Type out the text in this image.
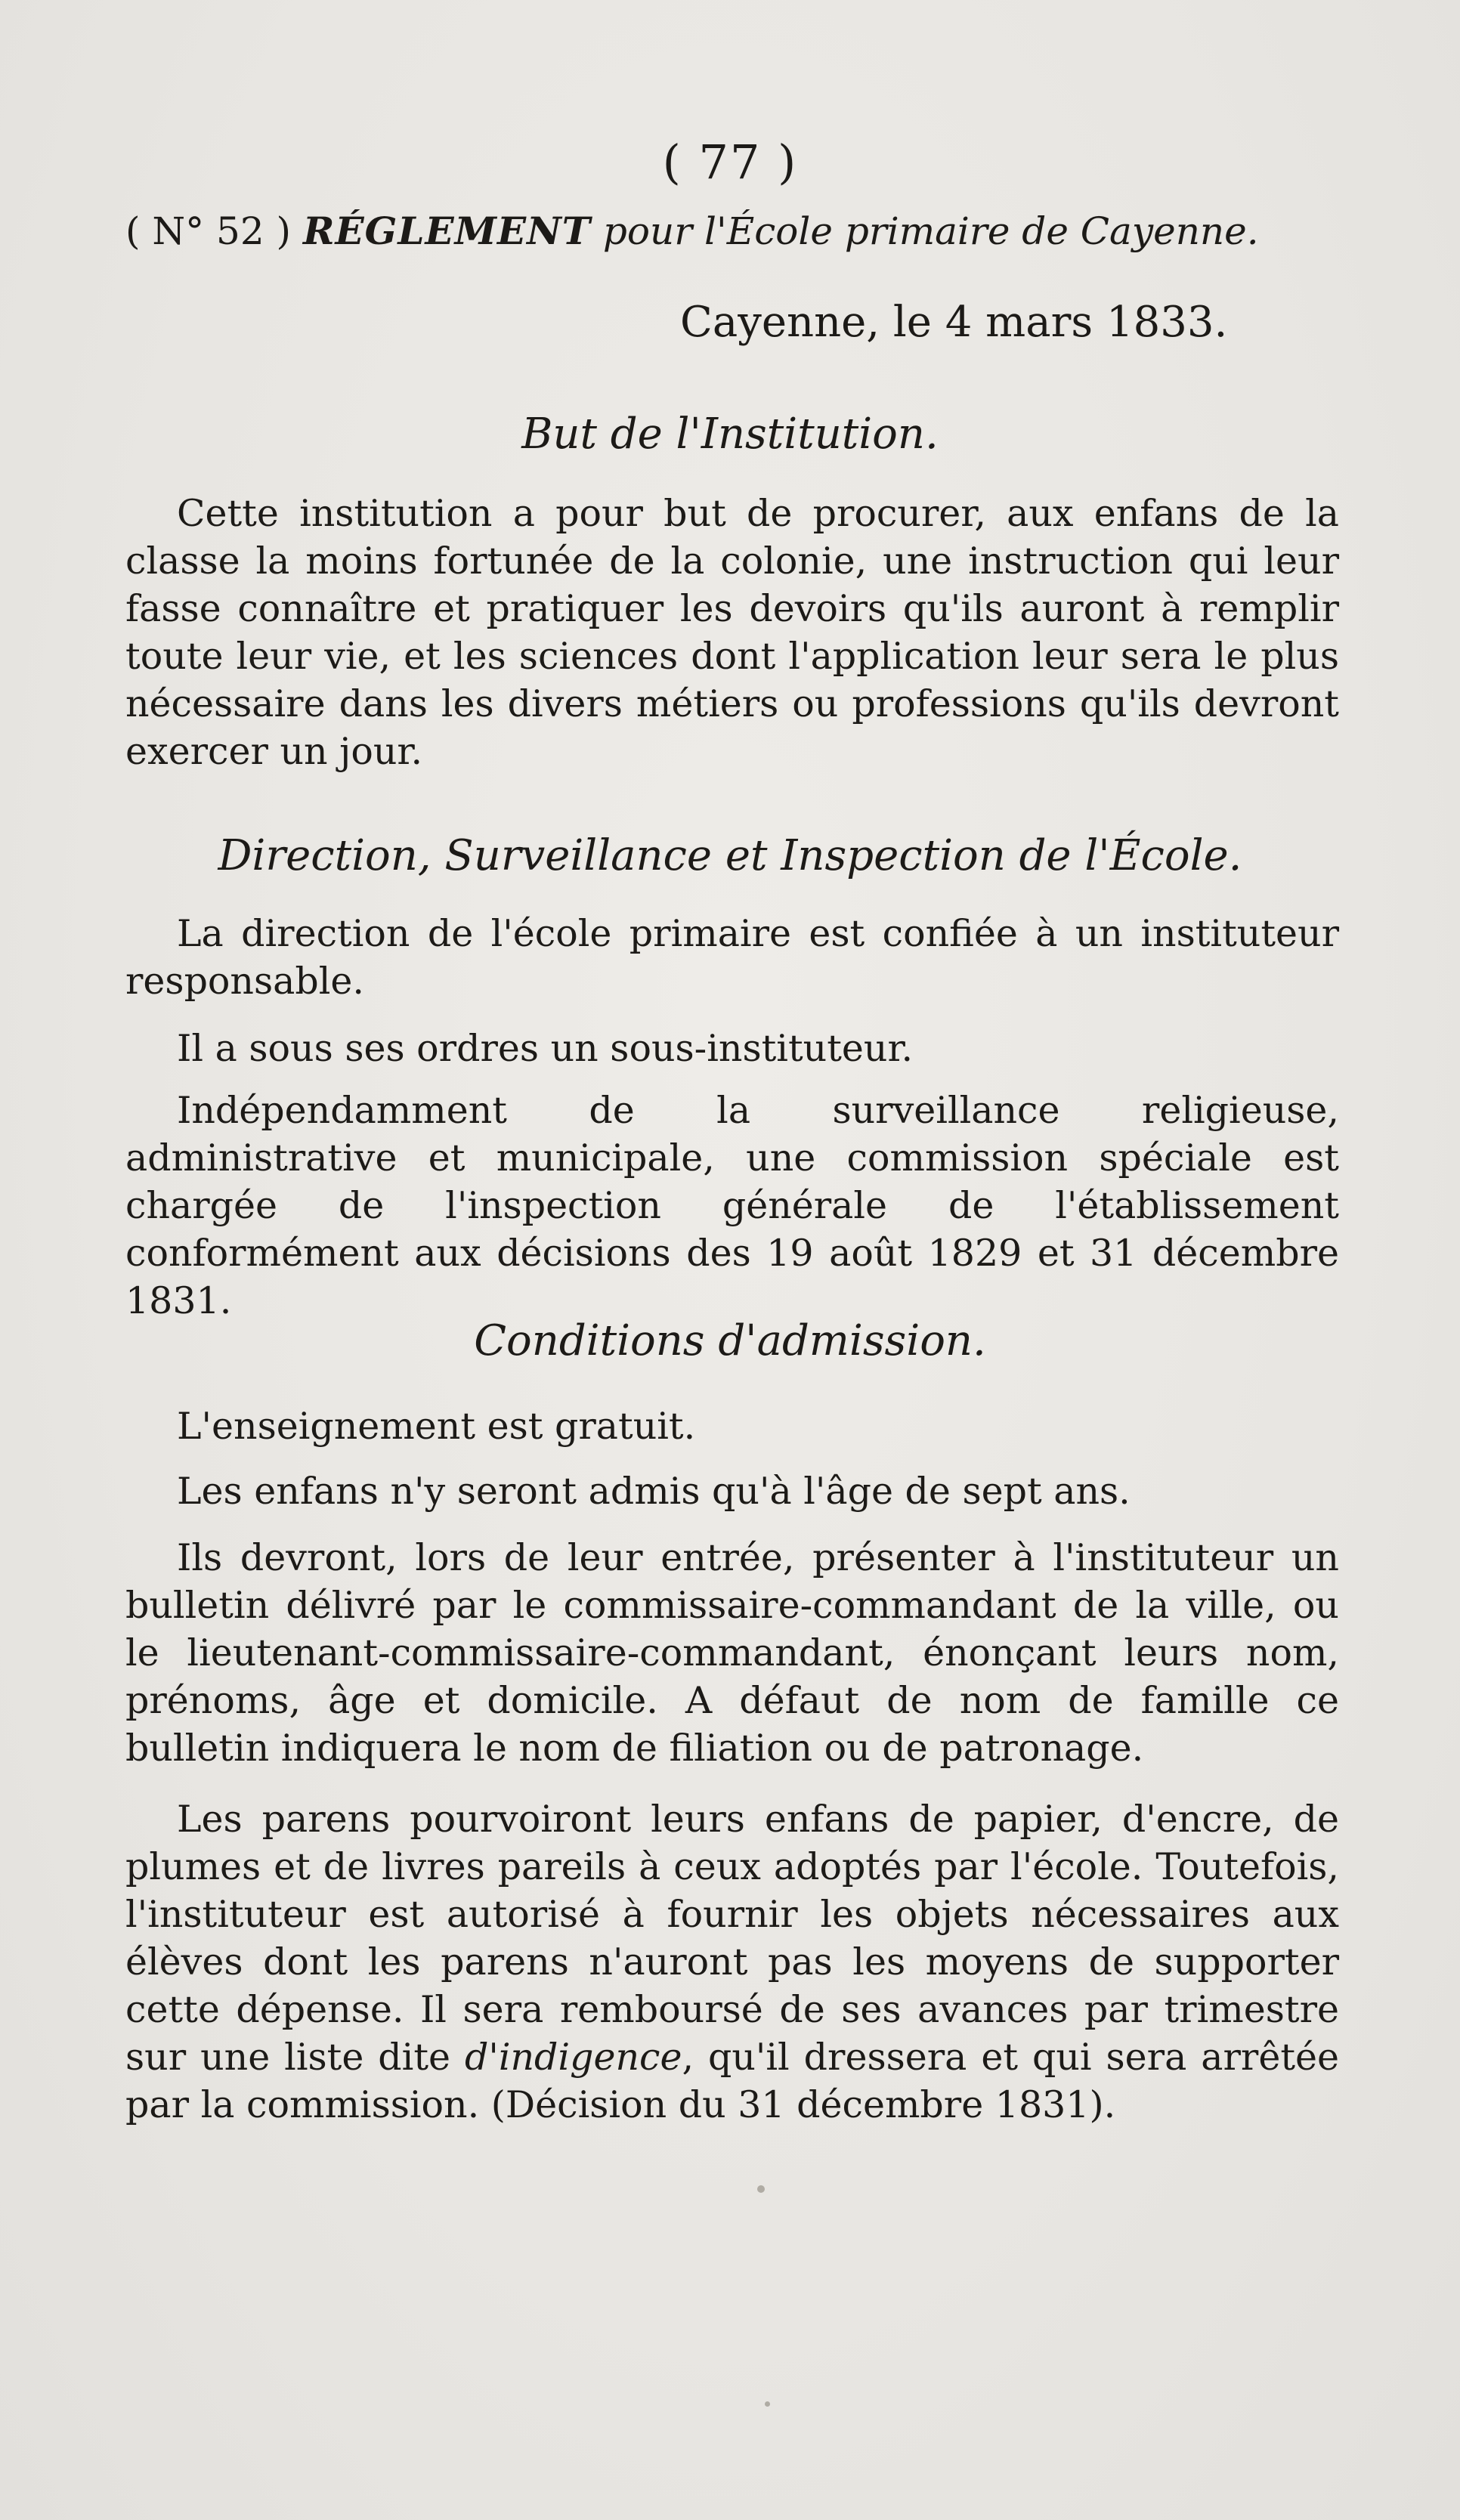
( 77 )
( N° 52 ) RÉGLEMENT pour l'École primaire de Cayenne.
Cayenne, le 4 mars 1833.
But de l'Institution.

Cette institution a pour but de procurer, aux enfans de la classe la moins fortunée de la colonie, une instruction qui leur fasse connaître et pratiquer les devoirs qu'ils auront à remplir toute leur vie, et les sciences dont l'application leur sera le plus nécessaire dans les divers métiers ou professions qu'ils devront exercer un jour.

Direction, Surveillance et Inspection de l'École.

La direction de l'école primaire est confiée à un instituteur responsable.

Il a sous ses ordres un sous-instituteur.

Indépendamment de la surveillance religieuse, administrative et municipale, une commission spéciale est chargée de l'inspection générale de l'établissement conformément aux décisions des 19 août 1829 et 31 décembre 1831.

Conditions d'admission.

L'enseignement est gratuit.

Les enfans n'y seront admis qu'à l'âge de sept ans.

Ils devront, lors de leur entrée, présenter à l'instituteur un bulletin délivré par le commissaire-commandant de la ville, ou le lieutenant-commissaire-commandant, énonçant leurs nom, prénoms, âge et domicile. A défaut de nom de famille ce bulletin indiquera le nom de filiation ou de patronage.

Les parens pourvoiront leurs enfans de papier, d'encre, de plumes et de livres pareils à ceux adoptés par l'école. Toutefois, l'instituteur est autorisé à fournir les objets nécessaires aux élèves dont les parens n'auront pas les moyens de supporter cette dépense. Il sera remboursé de ses avances par trimestre sur une liste dite d'indigence, qu'il dressera et qui sera arrêtée par la commission. (Décision du 31 décembre 1831).
